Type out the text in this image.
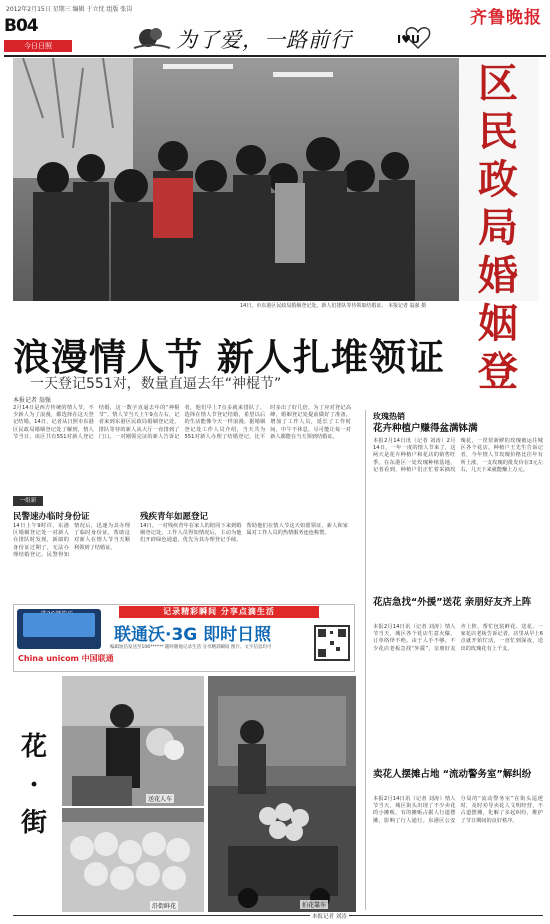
2012年2月15日 星期三 编辑 于立忱 组版 张岗	齐鲁晚报
B04
今日日照	为了爱，一路前行	I♥U
区民政局婚姻登
14日，市东港区民政局婚姻登记处，新人们排队等待领取结婚证。 本报记者 翁强 摄
浪漫情人节 新人扎堆领证
一天登记551对，数量直逼去年“神棍节”
本报记者 翁强
2月14日是西方传统的情人节，不少新人为了浪漫，都选择在这天登记结婚。14日，记者从日照市东港区民政局婚姻登记处了解到，情人节当日，该区共有551对新人登记结婚，这一数字直逼去年的“神棍节”。情人节当天上午9点左右，记者来到东港区民政局婚姻登记处，排队等待的新人从大厅一直排到了门口。一对刚领完证的新人告诉记者，他们早上7点多就来排队了，选择在情人节登记结婚，希望以后的生活能像今天一样浪漫。据婚姻登记处工作人员介绍，当天共为551对新人办理了结婚登记，比平时多出了好几倍。为了应对登记高峰，婚姻登记处提前做好了准备，增加了工作人员，延长了工作时间，中午不休息，尽可能让每一对新人都能在当天领到结婚证。
一组新
民警速办临时身份证
14日上午9时许，东港区婚姻登记处一对新人在排队时发现，新郎的身份证过期了，无法办理结婚登记。民警得知情况后，迅速为其办理了临时身份证，帮助这对新人在情人节当天顺利领到了结婚证。
残疾青年如愿登记
14日，一对残疾青年在家人的陪同下来到婚姻登记处。工作人员得知情况后，主动为他们开辟绿色通道，优先为其办理登记手续，帮助他们在情人节这天如愿领证，新人和家属对工作人员的热情服务连连称赞。
China unicom 中国联通
记录精彩瞬间 分享点滴生活
联通沃·3G 即时日照
编辑短信发送至106****** 随时随地记录生活 分享精彩瞬间 图片、文字信息均可
花·街
送花人车
沿街鲜花	拍花靠车
玫瑰热销
花卉种植户赚得盆满钵满
本报2月14日讯（记者 刘涛）2月14日，一年一度的情人节来了，这两天是花卉种植户和花店的销售旺季。在东港区一处玫瑰种植基地，记者看到，种植户们正忙着采摘玫瑰花，一筐筐新鲜的玫瑰被运往城区各个花店。种植户王先生告诉记者，今年情人节玫瑰价格比往年有所上涨，一支玫瑰的批发价在3元左右，几天下来就能赚上万元。
花店急找“外援”送花 亲朋好友齐上阵
本报2月14日讯（记者 刘涛）情人节当天，城区各个花店生意火爆，订单络绎不绝。由于人手不够，不少花店老板急找“外援”，亲朋好友齐上阵，帮忙包装鲜花、送花。一家花店老板告诉记者，店里从早上6点就开始忙活，一直忙到深夜，送出的玫瑰花有上千支。
卖花人摆摊占地 “流动警务室”解纠纷
本报2月14日讯（记者 刘涛）情人节当天，城区街头出现了不少卖花的小摊贩，有的摊贩占据人行道摆摊，影响了行人通行。东港区公安分局的“流动警务室”在街头巡逻时，及时劝导卖花人文明经营，不占道摆摊，化解了多起纠纷，维护了节日期间的良好秩序。
本报记者 刘涛
